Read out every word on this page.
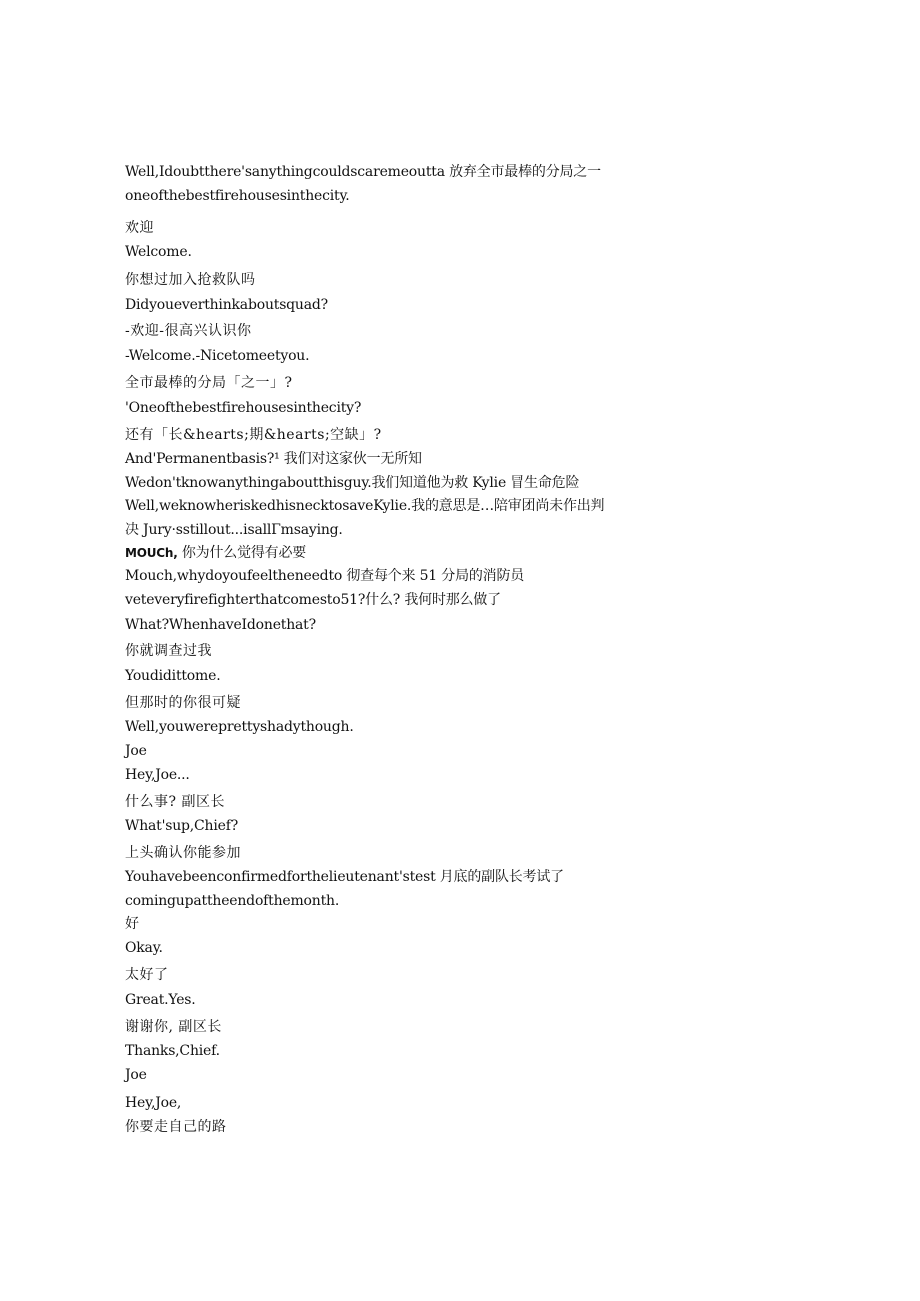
Well,Idoubtthere'sanythingcouldscaremeoutta 放弃全市最棒的分局之一
oneofthebestfirehousesinthecity.
欢迎
Welcome.
你想过加入抢救队吗
Didyoueverthinkaboutsquad?
-欢迎-很高兴认识你
-Welcome.-Nicetomeetyou.
全市最棒的分局「之一」?
'Oneofthebestfirehousesinthecity?
还有「长&hearts;期&hearts;空缺」?
And'Permanentbasis?¹ 我们对这家伙一无所知
Wedon'tknowanythingaboutthisguy.我们知道他为救 Kylie 冒生命危险
Well,weknowheriskedhisnecktosaveKylie.我的意思是…陪审团尚未作出判
决 Jury·sstillout...isallΓmsaying.
MOUCh, 你为什么觉得有必要
Mouch,whydoyoufeeltheneedto 彻查每个来 51 分局的消防员
veteveryfirefighterthatcomesto51?什么? 我何时那么做了
What?WhenhaveIdonethat?
你就调查过我
Youdidittome.
但那时的你很可疑
Well,youwereprettyshadythough.
Joe
Hey,Joe...
什么事? 副区长
What'sup,Chief?
上头确认你能参加
Youhavebeenconfirmedforthelieutenant'stest 月底的副队长考试了
comingupattheendofthemonth.
好
Okay.
太好了
Great.Yes.
谢谢你, 副区长
Thanks,Chief.
Joe
Hey,Joe,
你要走自己的路
